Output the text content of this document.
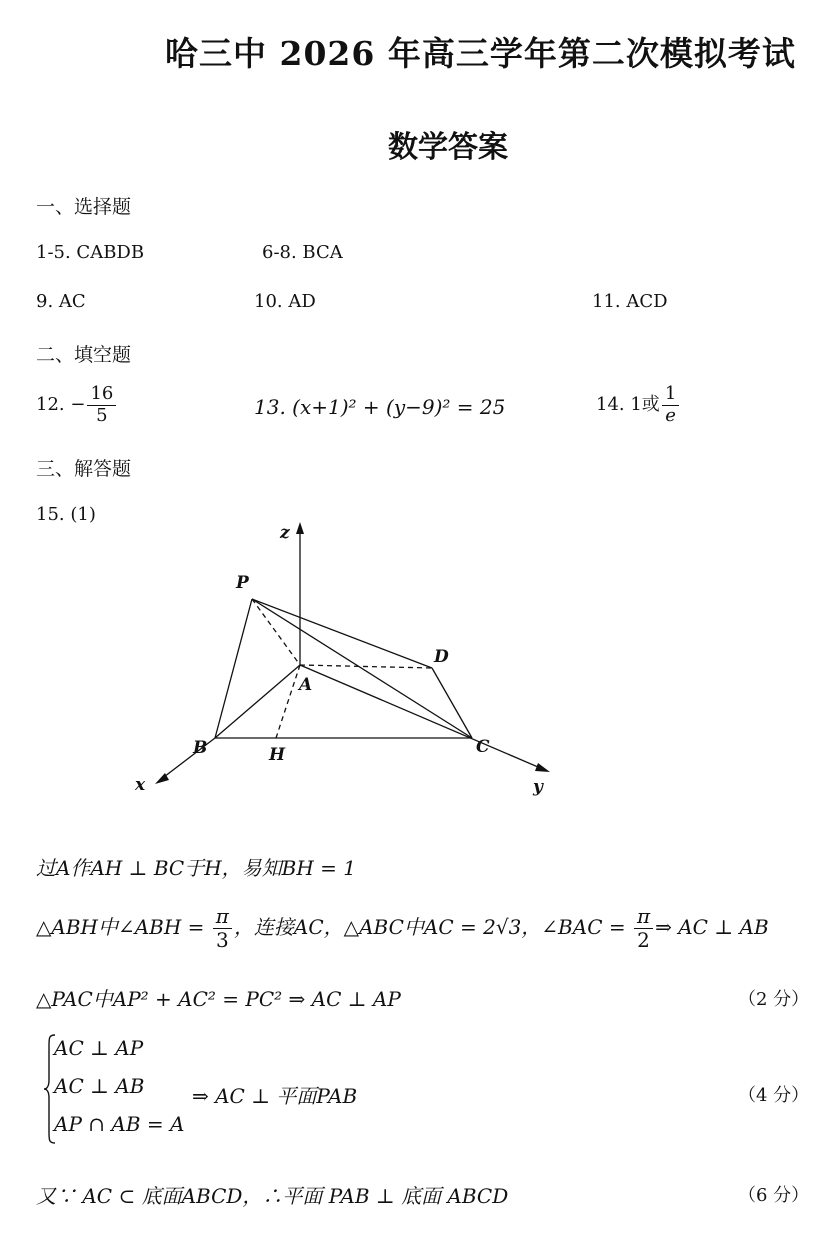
哈三中 2026 年高三学年第二次模拟考试
数学答案
一、选择题
1-5. CABDB	6-8. BCA
9. AC	10. AD	11. ACD
二、填空题
12. − $\frac{16}{5}$	13. (x+1)² + (y−9)² = 25	14. 1或 $\frac{1}{e}$
三、解答题
15. (1)
P
A
B	C
D
H
x	y
z
过A作AH ⊥ BC于H，易知BH = 1
△ABH中∠ABH = $\frac{\pi}{3}$ ，连接AC，△ABC中AC = 2√3，∠BAC = $\frac{\pi}{2}$ ⇒ AC ⊥ AB
△PAC中AP² + AC² = PC² ⇒ AC ⊥ AP	（2 分）
AC ⊥ AP
AC ⊥ AB
AP ∩ AB = A
⇒ AC ⊥ 平面PAB	（4 分）
又∵ AC ⊂ 底面ABCD，∴平面 PAB ⊥ 底面 ABCD	（6 分）
